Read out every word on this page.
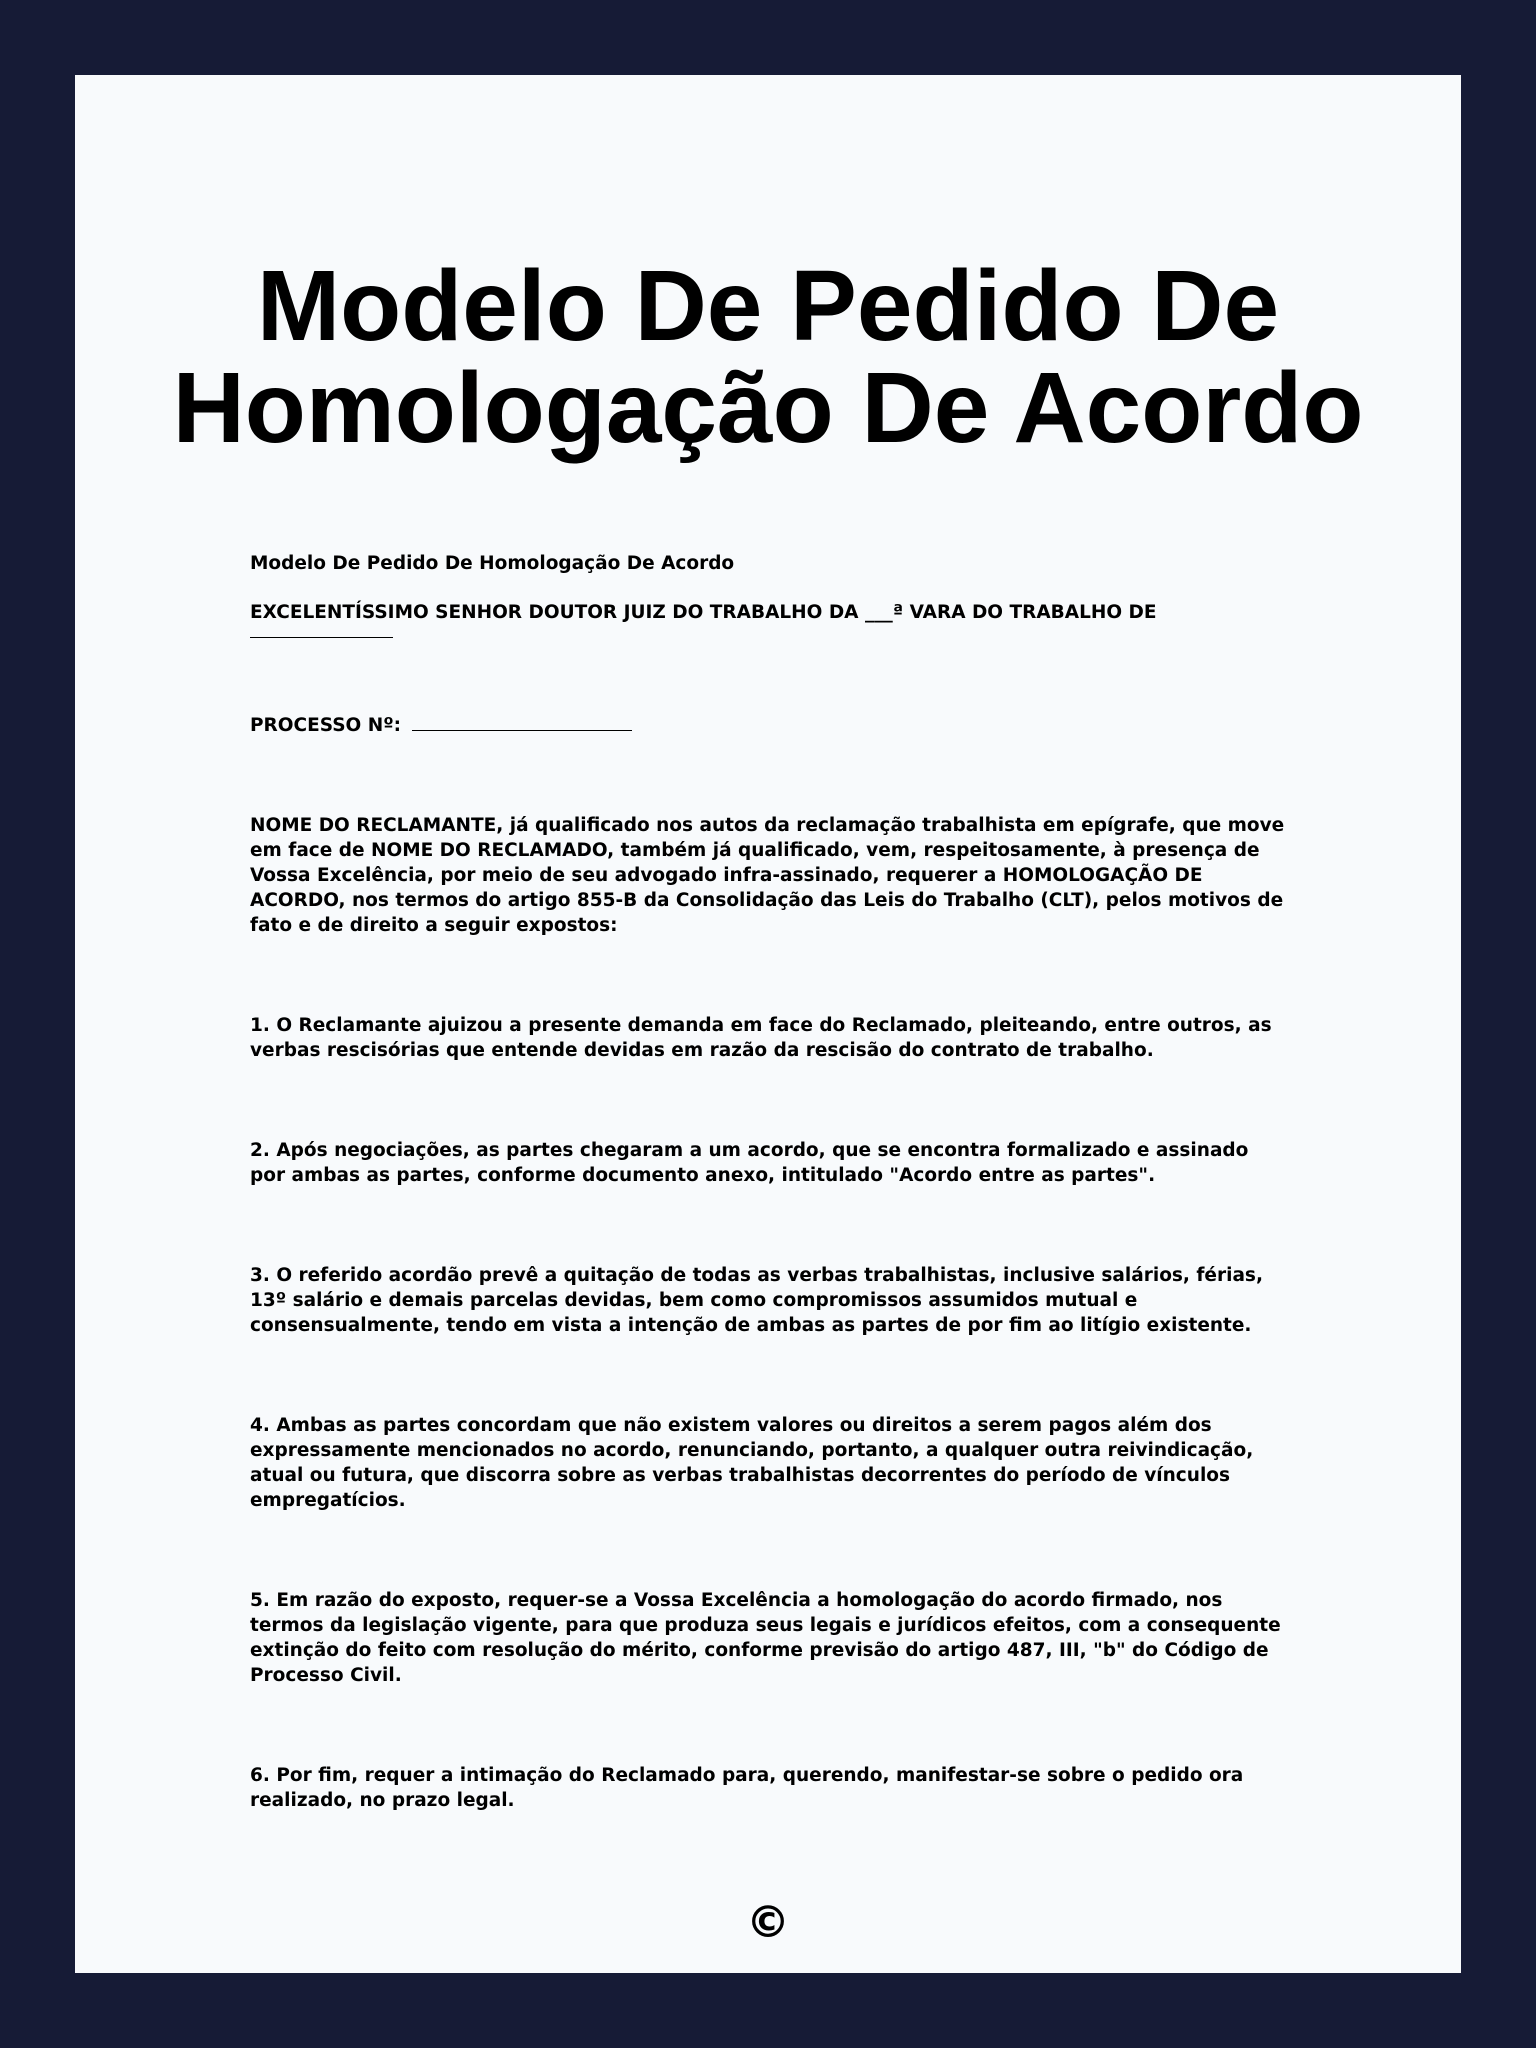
Modelo De Pedido De
Homologação De Acordo

Modelo De Pedido De Homologação De Acordo

EXCELENTÍSSIMO SENHOR DOUTOR JUIZ DO TRABALHO DA ___ª VARA DO TRABALHO DE

PROCESSO Nº:

NOME DO RECLAMANTE, já qualificado nos autos da reclamação trabalhista em epígrafe, que move em face de NOME DO RECLAMADO, também já qualificado, vem, respeitosamente, à presença de Vossa Excelência, por meio de seu advogado infra-assinado, requerer a HOMOLOGAÇÃO DE ACORDO, nos termos do artigo 855-B da Consolidação das Leis do Trabalho (CLT), pelos motivos de fato e de direito a seguir expostos:

1. O Reclamante ajuizou a presente demanda em face do Reclamado, pleiteando, entre outros, as verbas rescisórias que entende devidas em razão da rescisão do contrato de trabalho.

2. Após negociações, as partes chegaram a um acordo, que se encontra formalizado e assinado por ambas as partes, conforme documento anexo, intitulado "Acordo entre as partes".

3. O referido acordão prevê a quitação de todas as verbas trabalhistas, inclusive salários, férias, 13º salário e demais parcelas devidas, bem como compromissos assumidos mutual e consensualmente, tendo em vista a intenção de ambas as partes de por fim ao litígio existente.

4. Ambas as partes concordam que não existem valores ou direitos a serem pagos além dos expressamente mencionados no acordo, renunciando, portanto, a qualquer outra reivindicação, atual ou futura, que discorra sobre as verbas trabalhistas decorrentes do período de vínculos empregatícios.

5. Em razão do exposto, requer-se a Vossa Excelência a homologação do acordo firmado, nos termos da legislação vigente, para que produza seus legais e jurídicos efeitos, com a consequente extinção do feito com resolução do mérito, conforme previsão do artigo 487, III, "b" do Código de Processo Civil.

6. Por fim, requer a intimação do Reclamado para, querendo, manifestar-se sobre o pedido ora realizado, no prazo legal.

©
